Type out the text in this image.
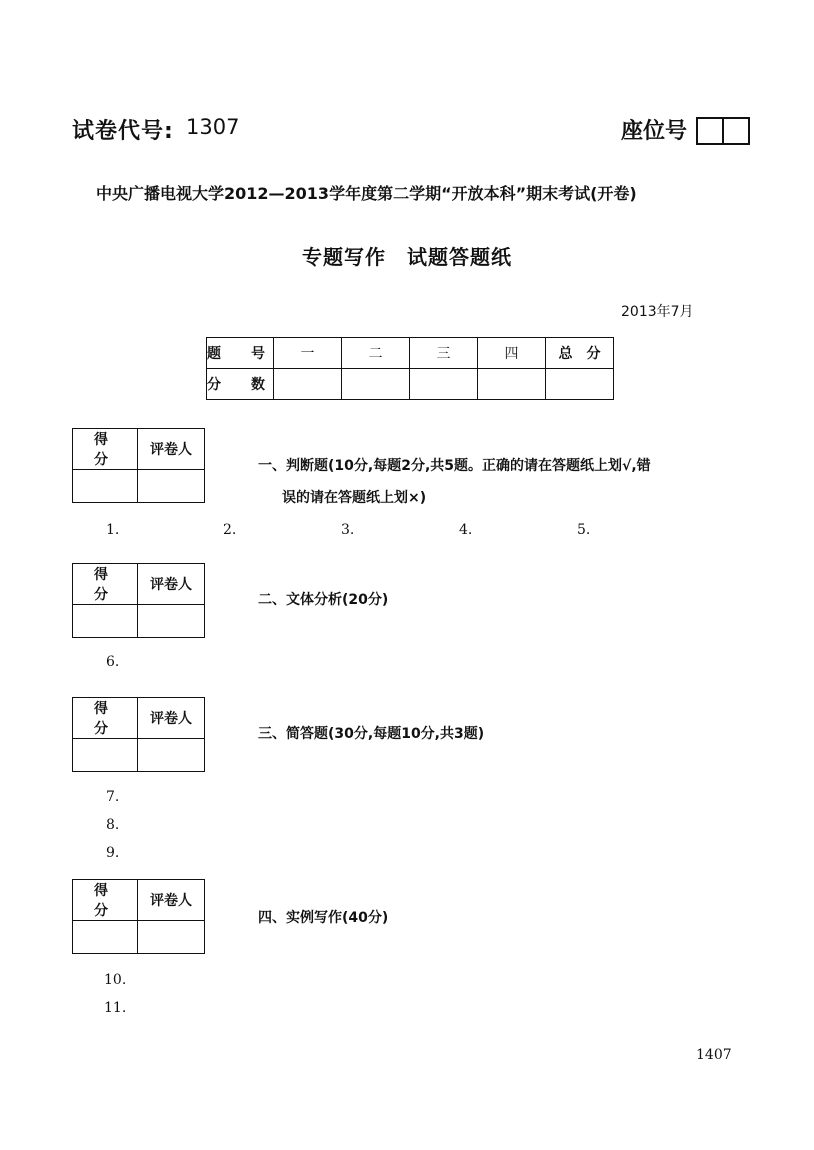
试卷代号: 1307	座位号
中央广播电视大学2012—2013学年度第二学期“开放本科”期末考试(开卷)
专题写作　试题答题纸
2013年7月
题　号	一	二	三	四	总　分
分　数					
得　分	评卷人

一、判断题(10分,每题2分,共5题。正确的请在答题纸上划√,错
误的请在答题纸上划×)
1.	2.	3.	4.	5.
得　分	评卷人

二、文体分析(20分)
6.
得　分	评卷人

三、简答题(30分,每题10分,共3题)
7.
8.
9.
得　分	评卷人

四、实例写作(40分)
10.
11.
1407
